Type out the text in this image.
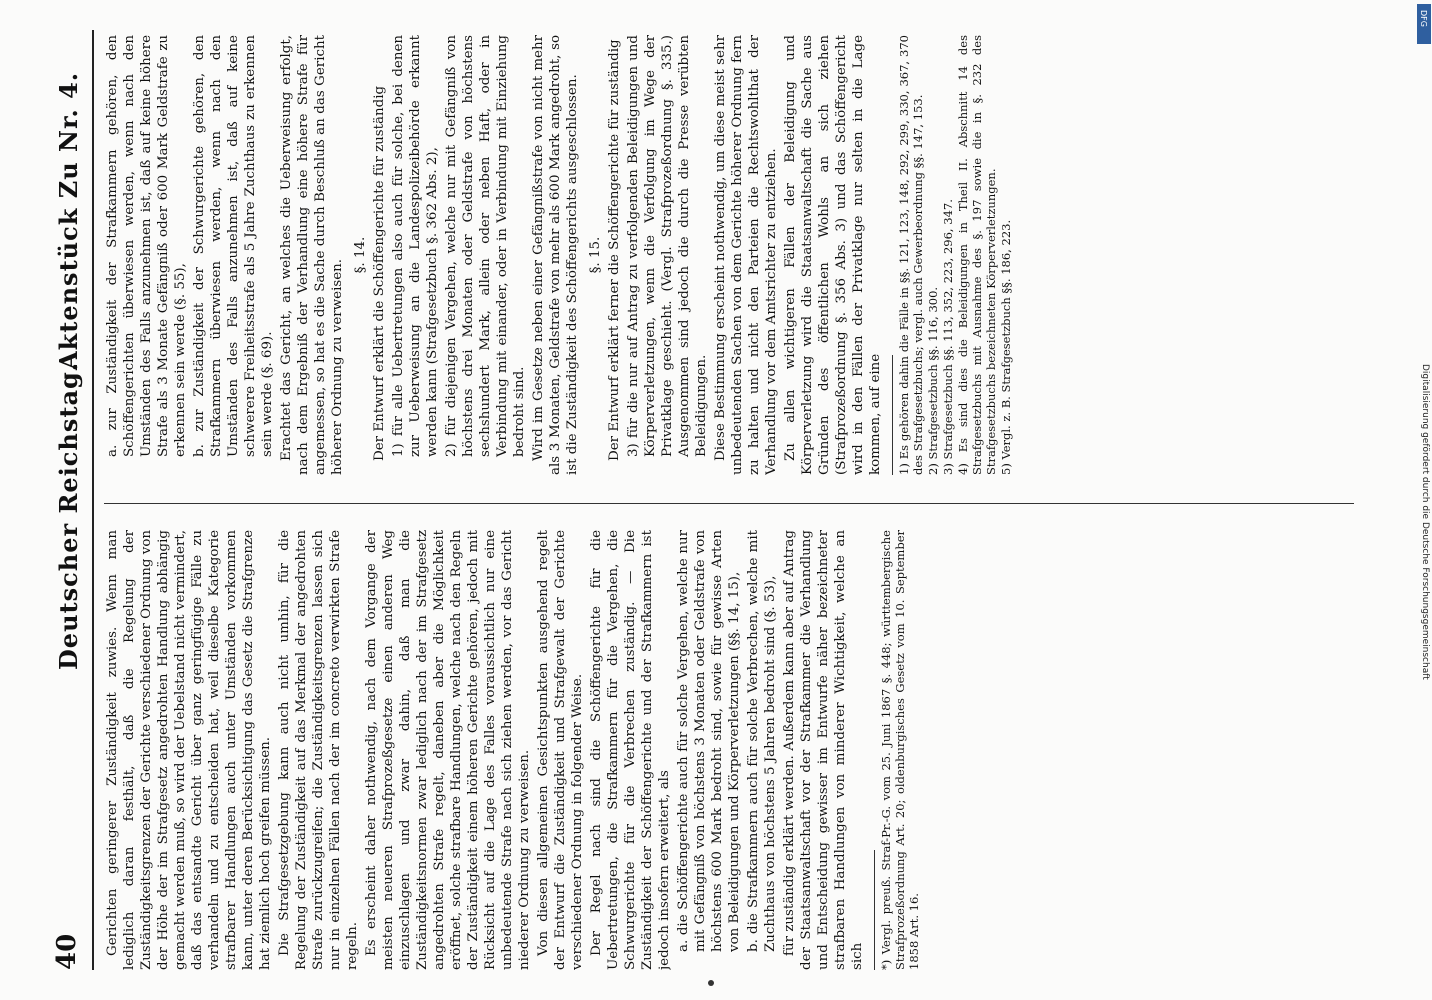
40
Deutscher Reichstag.
Aktenstück Zu Nr. 4.

Gerichten geringerer Zuständigkeit zuwies. Wenn man lediglich daran festhält, daß die Regelung der Zuständigkeitsgrenzen der Gerichte verschiedener Ordnung von der Höhe der im Strafgesetz angedrohten Handlung abhängig gemacht werden muß, so wird der Uebelstand nicht vermindert, daß das entsandte Gericht über ganz geringfügige Fälle zu verhandeln und zu entscheiden hat, weil dieselbe Kategorie strafbarer Handlungen auch unter Umständen vorkommen kann, unter deren Berücksichtigung das Gesetz die Strafgrenze hat ziemlich hoch greifen müssen. Die Strafgesetzgebung kann auch nicht umhin, für die Regelung der Zuständigkeit auf das Merkmal der angedrohten Strafe zurückzugreifen; die Zuständigkeitsgrenzen lassen sich nur in einzelnen Fällen nach der im concreto verwirkten Strafe regeln. Es erscheint daher nothwendig, nach dem Vorgange der meisten neueren Strafprozeßgesetze einen anderen Weg einzuschlagen und zwar dahin, daß man die Zuständigkeitsnormen zwar lediglich nach der im Strafgesetz angedrohten Strafe regelt, daneben aber die Möglichkeit eröffnet, solche strafbare Handlungen, welche nach den Regeln der Zuständigkeit einem höheren Gerichte gehören, jedoch mit Rücksicht auf die Lage des Falles voraussichtlich nur eine unbedeutende Strafe nach sich ziehen werden, vor das Gericht niederer Ordnung zu verweisen. Von diesen allgemeinen Gesichtspunkten ausgehend regelt der Entwurf die Zuständigkeit und Strafgewalt der Gerichte verschiedener Ordnung in folgender Weise. Der Regel nach sind die Schöffengerichte für die Uebertretungen, die Strafkammern für die Vergehen, die Schwurgerichte für die Verbrechen zuständig. — Die Zuständigkeit der Schöffengerichte und der Strafkammern ist jedoch insofern erweitert, als a. die Schöffengerichte auch für solche Vergehen, welche nur mit Gefängniß von höchstens 3 Monaten oder Geldstrafe von höchstens 600 Mark bedroht sind, sowie für gewisse Arten von Beleidigungen und Körperverletzungen (§§. 14, 15), b. die Strafkammern auch für solche Verbrechen, welche mit Zuchthaus von höchstens 5 Jahren bedroht sind (§. 53), für zuständig erklärt werden. Außerdem kann aber auf Antrag der Staatsanwaltschaft vor der Strafkammer die Verhandlung und Entscheidung gewisser im Entwurfe näher bezeichneter strafbaren Handlungen von minderer Wichtigkeit, welche an sich *) Vergl. preuß. Straf-Pr.-G. vom 25. Juni 1867 §. 448; württembergische Strafprozeßordnung Art. 20; oldenburgisches Gesetz vom 10. September 1858 Art. 16.

a. zur Zuständigkeit der Strafkammern gehören, den Schöffengerichten überwiesen werden, wenn nach den Umständen des Falls anzunehmen ist, daß auf keine höhere Strafe als 3 Monate Gefängniß oder 600 Mark Geldstrafe zu erkennen sein werde (§. 55), b. zur Zuständigkeit der Schwurgerichte gehören, den Strafkammern überwiesen werden, wenn nach den Umständen des Falls anzunehmen ist, daß auf keine schwerere Freiheitsstrafe als 5 Jahre Zuchthaus zu erkennen sein werde (§. 69). Erachtet das Gericht, an welches die Ueberweisung erfolgt, nach dem Ergebniß der Verhandlung eine höhere Strafe für angemessen, so hat es die Sache durch Beschluß an das Gericht höherer Ordnung zu verweisen.

§. 14. Der Entwurf erklärt die Schöffengerichte für zuständig 1) für alle Uebertretungen also auch für solche, bei denen zur Ueberweisung an die Landespolizeibehörde erkannt werden kann (Strafgesetzbuch §. 362 Abs. 2), 2) für diejenigen Vergehen, welche nur mit Gefängniß von höchstens drei Monaten oder Geldstrafe von höchstens sechshundert Mark, allein oder neben Haft, oder in Verbindung mit einander, oder in Verbindung mit Einziehung bedroht sind. Wird im Gesetze neben einer Gefängnißstrafe von nicht mehr als 3 Monaten, Geldstrafe von mehr als 600 Mark angedroht, so ist die Zuständigkeit des Schöffengerichts ausgeschlossen. §. 15. Der Entwurf erklärt ferner die Schöffengerichte für zuständig 3) für die nur auf Antrag zu verfolgenden Beleidigungen und Körperverletzungen, wenn die Verfolgung im Wege der Privatklage geschieht. (Vergl. Strafprozeßordnung §. 335.) Ausgenommen sind jedoch die durch die Presse verübten Beleidigungen. Diese Bestimmung erscheint nothwendig, um diese meist sehr unbedeutenden Sachen von dem Gerichte höherer Ordnung fern zu halten und nicht den Parteien die Rechtswohlthat der Verhandlung vor dem Amtsrichter zu entziehen. Zu allen wichtigeren Fällen der Beleidigung und Körperverletzung wird die Staatsanwaltschaft die Sache aus Gründen des öffentlichen Wohls an sich ziehen (Strafprozeßordnung §. 356 Abs. 3) und das Schöffengericht wird in den Fällen der Privatklage nur selten in die Lage kommen, auf eine 1) Es gehören dahin die Fälle in §§. 121, 123, 148, 292, 299, 330, 367, 370 des Strafgesetzbuchs; vergl. auch Gewerbeordnung §§. 147, 153. 2) Strafgesetzbuch §§. 116, 300. 3) Strafgesetzbuch §§. 113, 352, 223, 296, 347. 4) Es sind dies die Beleidigungen in Theil II. Abschnitt 14 des Strafgesetzbuchs mit Ausnahme des §. 197 sowie die in §. 232 des Strafgesetzbuchs bezeichneten Körperverletzungen. 5) Vergl. z. B. Strafgesetzbuch §§. 186, 223.

DFG
Digitalisierung gefördert durch die Deutsche Forschungsgemeinschaft
